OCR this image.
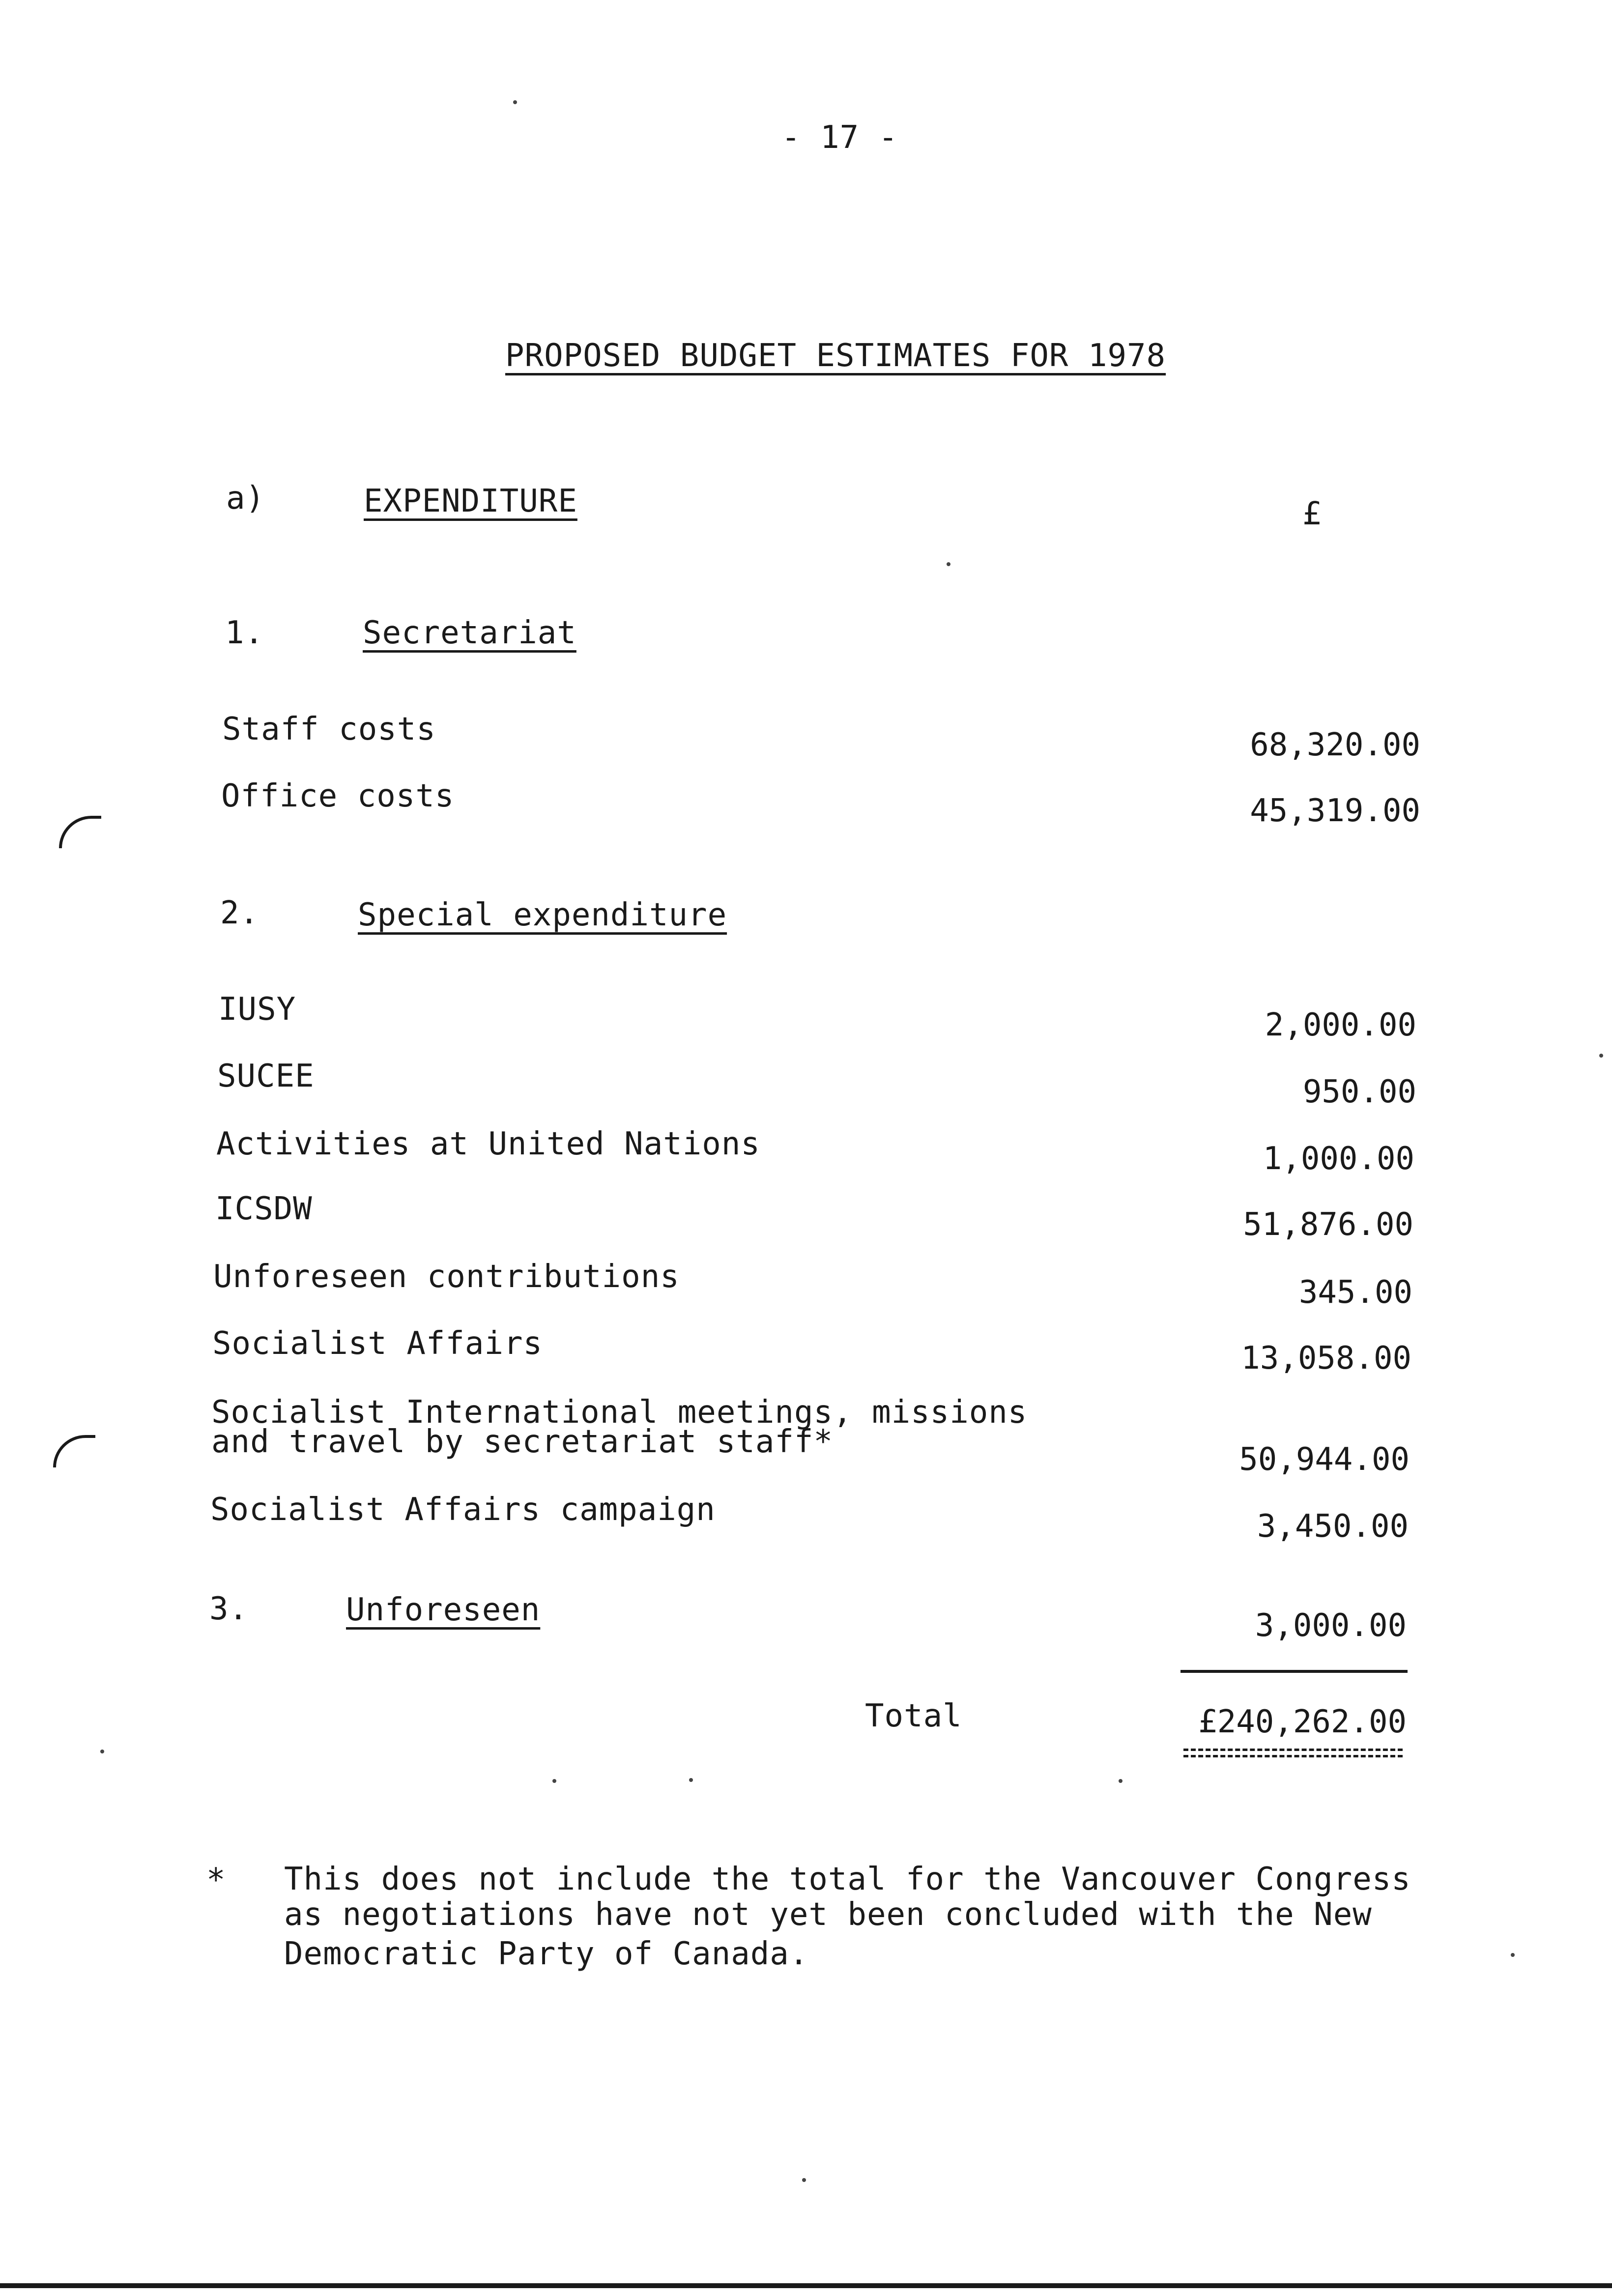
- 17 -
PROPOSED BUDGET ESTIMATES FOR 1978
a)	EXPENDITURE	£
1.	Secretariat
Staff costs	68,320.00
Office costs	45,319.00
2.	Special expenditure
IUSY	2,000.00
SUCEE	950.00
Activities at United Nations	1,000.00
ICSDW	51,876.00
Unforeseen contributions	345.00
Socialist Affairs	13,058.00
Socialist International meetings, missions
and travel by secretariat staff*	50,944.00
Socialist Affairs campaign	3,450.00
3.	Unforeseen	3,000.00
Total	£240,262.00
* This does not include the total for the Vancouver Congress
as negotiations have not yet been concluded with the New
Democratic Party of Canada.
